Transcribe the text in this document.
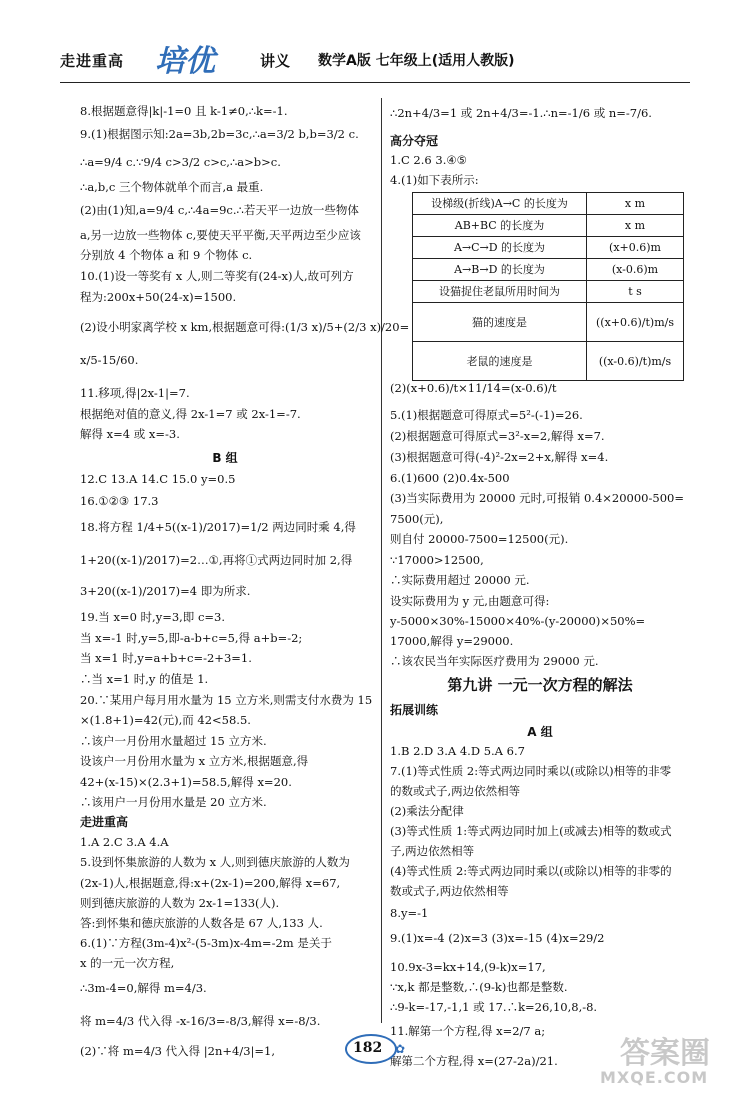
走进重高 培优	讲义 数学A版 七年级上(适用人教版)
8.根据题意得|k|-1=0 且 k-1≠0,∴k=-1.
9.(1)根据图示知:2a=3b,2b=3c,∴a=3/2 b,b=3/2 c.
∴a=9/4 c.∵9/4 c>3/2 c>c,∴a>b>c.
∴a,b,c 三个物体就单个而言,a 最重.
(2)由(1)知,a=9/4 c,∴4a=9c.∴若天平一边放一些物体
a,另一边放一些物体 c,要使天平平衡,天平两边至少应该
分别放 4 个物体 a 和 9 个物体 c.
10.(1)设一等奖有 x 人,则二等奖有(24-x)人,故可列方
程为:200x+50(24-x)=1500.
(2)设小明家离学校 x km,根据题意可得:(1/3 x)/5+(2/3 x)/20=
x/5-15/60.
11.移项,得|2x-1|=7.
根据绝对值的意义,得 2x-1=7 或 2x-1=-7.
解得 x=4 或 x=-3.
B 组
12.C 13.A 14.C 15.0 y=0.5
16.①②③ 17.3
18.将方程 1/4+5((x-1)/2017)=1/2 两边同时乘 4,得
1+20((x-1)/2017)=2…①,再将①式两边同时加 2,得
3+20((x-1)/2017)=4 即为所求.
19.当 x=0 时,y=3,即 c=3.
当 x=-1 时,y=5,即-a-b+c=5,得 a+b=-2;
当 x=1 时,y=a+b+c=-2+3=1.
∴当 x=1 时,y 的值是 1.
20.∵某用户每月用水量为 15 立方米,则需支付水费为 15
×(1.8+1)=42(元),而 42<58.5.
∴该户一月份用水量超过 15 立方米.
设该户一月份用水量为 x 立方米,根据题意,得
42+(x-15)×(2.3+1)=58.5,解得 x=20.
∴该用户一月份用水量是 20 立方米.
走进重高
1.A 2.C 3.A 4.A
5.设到怀集旅游的人数为 x 人,则到德庆旅游的人数为
(2x-1)人,根据题意,得:x+(2x-1)=200,解得 x=67,
则到德庆旅游的人数为 2x-1=133(人).
答:到怀集和德庆旅游的人数各是 67 人,133 人.
6.(1)∵方程(3m-4)x²-(5-3m)x-4m=-2m 是关于
x 的一元一次方程,
∴3m-4=0,解得 m=4/3.
将 m=4/3 代入得 -x-16/3=-8/3,解得 x=-8/3.
(2)∵将 m=4/3 代入得 |2n+4/3|=1,
∴2n+4/3=1 或 2n+4/3=-1.∴n=-1/6 或 n=-7/6.
高分夺冠
1.C 2.6 3.④⑤
4.(1)如下表所示:
设梯级(折线)A→C 的长度为	x m
AB+BC 的长度为	x m
A→C→D 的长度为	(x+0.6)m
A→B→D 的长度为	(x-0.6)m
设猫捉住老鼠所用时间为	t s
猫的速度是	((x+0.6)/t)m/s
老鼠的速度是	((x-0.6)/t)m/s
(2)(x+0.6)/t×11/14=(x-0.6)/t
5.(1)根据题意可得原式=5²-(-1)=26.
(2)根据题意可得原式=3²-x=2,解得 x=7.
(3)根据题意可得(-4)²-2x=2+x,解得 x=4.
6.(1)600 (2)0.4x-500
(3)当实际费用为 20000 元时,可报销 0.4×20000-500=
7500(元),
则自付 20000-7500=12500(元).
∵17000>12500,
∴实际费用超过 20000 元.
设实际费用为 y 元,由题意可得:
y-5000×30%-15000×40%-(y-20000)×50%=
17000,解得 y=29000.
∴该农民当年实际医疗费用为 29000 元.
第九讲 一元一次方程的解法
拓展训练
A 组
1.B 2.D 3.A 4.D 5.A 6.7
7.(1)等式性质 2:等式两边同时乘以(或除以)相等的非零
的数或式子,两边依然相等
(2)乘法分配律
(3)等式性质 1:等式两边同时加上(或减去)相等的数或式
子,两边依然相等
(4)等式性质 2:等式两边同时乘以(或除以)相等的非零的
数或式子,两边依然相等
8.y=-1
9.(1)x=-4 (2)x=3 (3)x=-15 (4)x=29/2
10.9x-3=kx+14,(9-k)x=17,
∵x,k 都是整数,∴(9-k)也都是整数.
∴9-k=-17,-1,1 或 17.∴k=26,10,8,-8.
11.解第一个方程,得 x=2/7 a;
解第二个方程,得 x=(27-2a)/21.
182 ✿	答案圈
MXQE.COM
